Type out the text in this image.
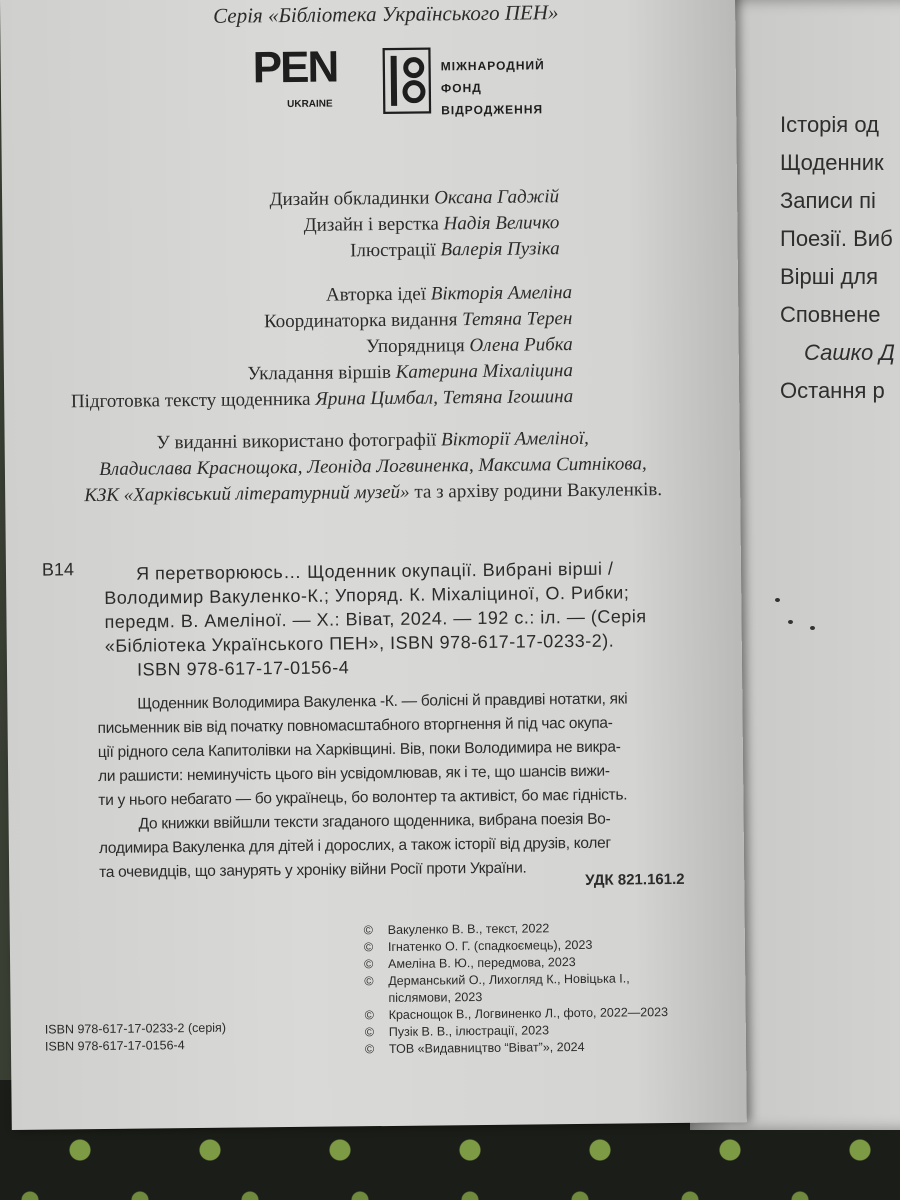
Історія од
Щоденник
Записи пі
Поезії. Виб
Вірші для
Сповнене
Сашко Д
Остання р
Серія «Бібліотека Українського ПЕН»
PEN
UKRAINE
МІЖНАРОДНИЙ
ФОНД
ВІДРОДЖЕННЯ
Дизайн обкладинки Оксана Гаджій
Дизайн і верстка Надія Величко
Ілюстрації Валерія Пузіка
Авторка ідеї Вікторія Амеліна
Координаторка видання Тетяна Терен
Упорядниця Олена Рибка
Укладання віршів Катерина Міхаліцина
Підготовка тексту щоденника Ярина Цимбал, Тетяна Ігошина
У виданні використано фотографії Вікторії Амеліної,
Владислава Краснощока, Леоніда Логвиненка, Максима Ситнікова,
КЗК «Харківський літературний музей» та з архіву родини Вакуленків.
В14	Я перетворююсь… Щоденник окупації. Вибрані вірші /
Володимир Вакуленко-К.; Упоряд. К. Міхаліциної, О. Рибки;
передм. В. Амеліної. — Х.: Віват, 2024. — 192 с.: іл. — (Серія
«Бібліотека Українського ПЕН», ISBN 978-617-17-0233-2).
ISBN 978-617-17-0156-4
Щоденник Володимира Вакуленка -К. — болісні й правдиві нотатки, які
письменник вів від початку повномасштабного вторгнення й під час окупа-
ції рідного села Капитолівки на Харківщині. Вів, поки Володимира не викра-
ли рашисти: неминучість цього він усвідомлював, як і те, що шансів вижи-
ти у нього небагато — бо українець, бо волонтер та активіст, бо має гідність.
До книжки ввійшли тексти згаданого щоденника, вибрана поезія Во-
лодимира Вакуленка для дітей і дорослих, а також історії від друзів, колег
та очевидців, що занурять у хроніку війни Росії проти України.	УДК 821.161.2
© Вакуленко В. В., текст, 2022
© Ігнатенко О. Г. (спадкоємець), 2023
© Амеліна В. Ю., передмова, 2023
© Дерманський О., Лихогляд К., Новіцька І.,
післямови, 2023
© Краснощок В., Логвиненко Л., фото, 2022—2023
© Пузік В. В., ілюстрації, 2023
© ТОВ «Видавництво “Віват”», 2024
ISBN 978-617-17-0233-2 (серія)
ISBN 978-617-17-0156-4
